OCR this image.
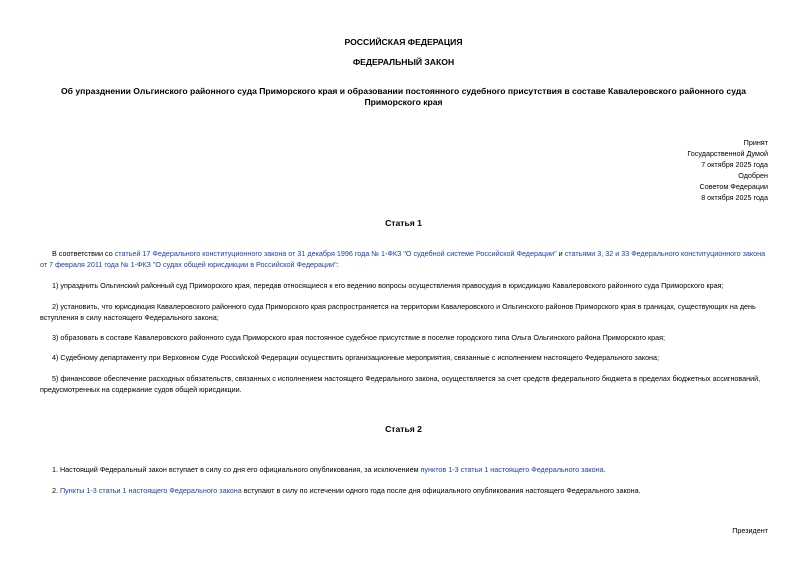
РОССИЙСКАЯ ФЕДЕРАЦИЯ
ФЕДЕРАЛЬНЫЙ ЗАКОН
Об упразднении Ольгинского районного суда Приморского края и образовании постоянного судебного присутствия в составе Кавалеровского районного суда Приморского края
Принят
Государственной Думой
7 октября 2025 года
Одобрен
Советом Федерации
8 октября 2025 года
Статья 1
В соответствии со статьей 17 Федерального конституционного закона от 31 декабря 1996 года № 1-ФКЗ "О судебной системе Российской Федерации" и статьями 3, 32 и 33 Федерального конституционного закона от 7 февраля 2011 года № 1-ФКЗ "О судах общей юрисдикции в Российской Федерации":
1) упразднить Ольгинский районный суд Приморского края, передав относящиеся к его ведению вопросы осуществления правосудия в юрисдикцию Кавалеровского районного суда Приморского края;
2) установить, что юрисдикция Кавалеровского районного суда Приморского края распространяется на территории Кавалеровского и Ольгинского районов Приморского края в границах, существующих на день вступления в силу настоящего Федерального закона;
3) образовать в составе Кавалеровского районного суда Приморского края постоянное судебное присутствие в поселке городского типа Ольга Ольгинского района Приморского края;
4) Судебному департаменту при Верховном Суде Российской Федерации осуществить организационные мероприятия, связанные с исполнением настоящего Федерального закона;
5) финансовое обеспечение расходных обязательств, связанных с исполнением настоящего Федерального закона, осуществляется за счет средств федерального бюджета в пределах бюджетных ассигнований, предусмотренных на содержание судов общей юрисдикции.
Статья 2
1. Настоящий Федеральный закон вступает в силу со дня его официального опубликования, за исключением пунктов 1-3 статьи 1 настоящего Федерального закона.
2. Пункты 1-3 статьи 1 настоящего Федерального закона вступают в силу по истечении одного года после дня официального опубликования настоящего Федерального закона.
Президент
